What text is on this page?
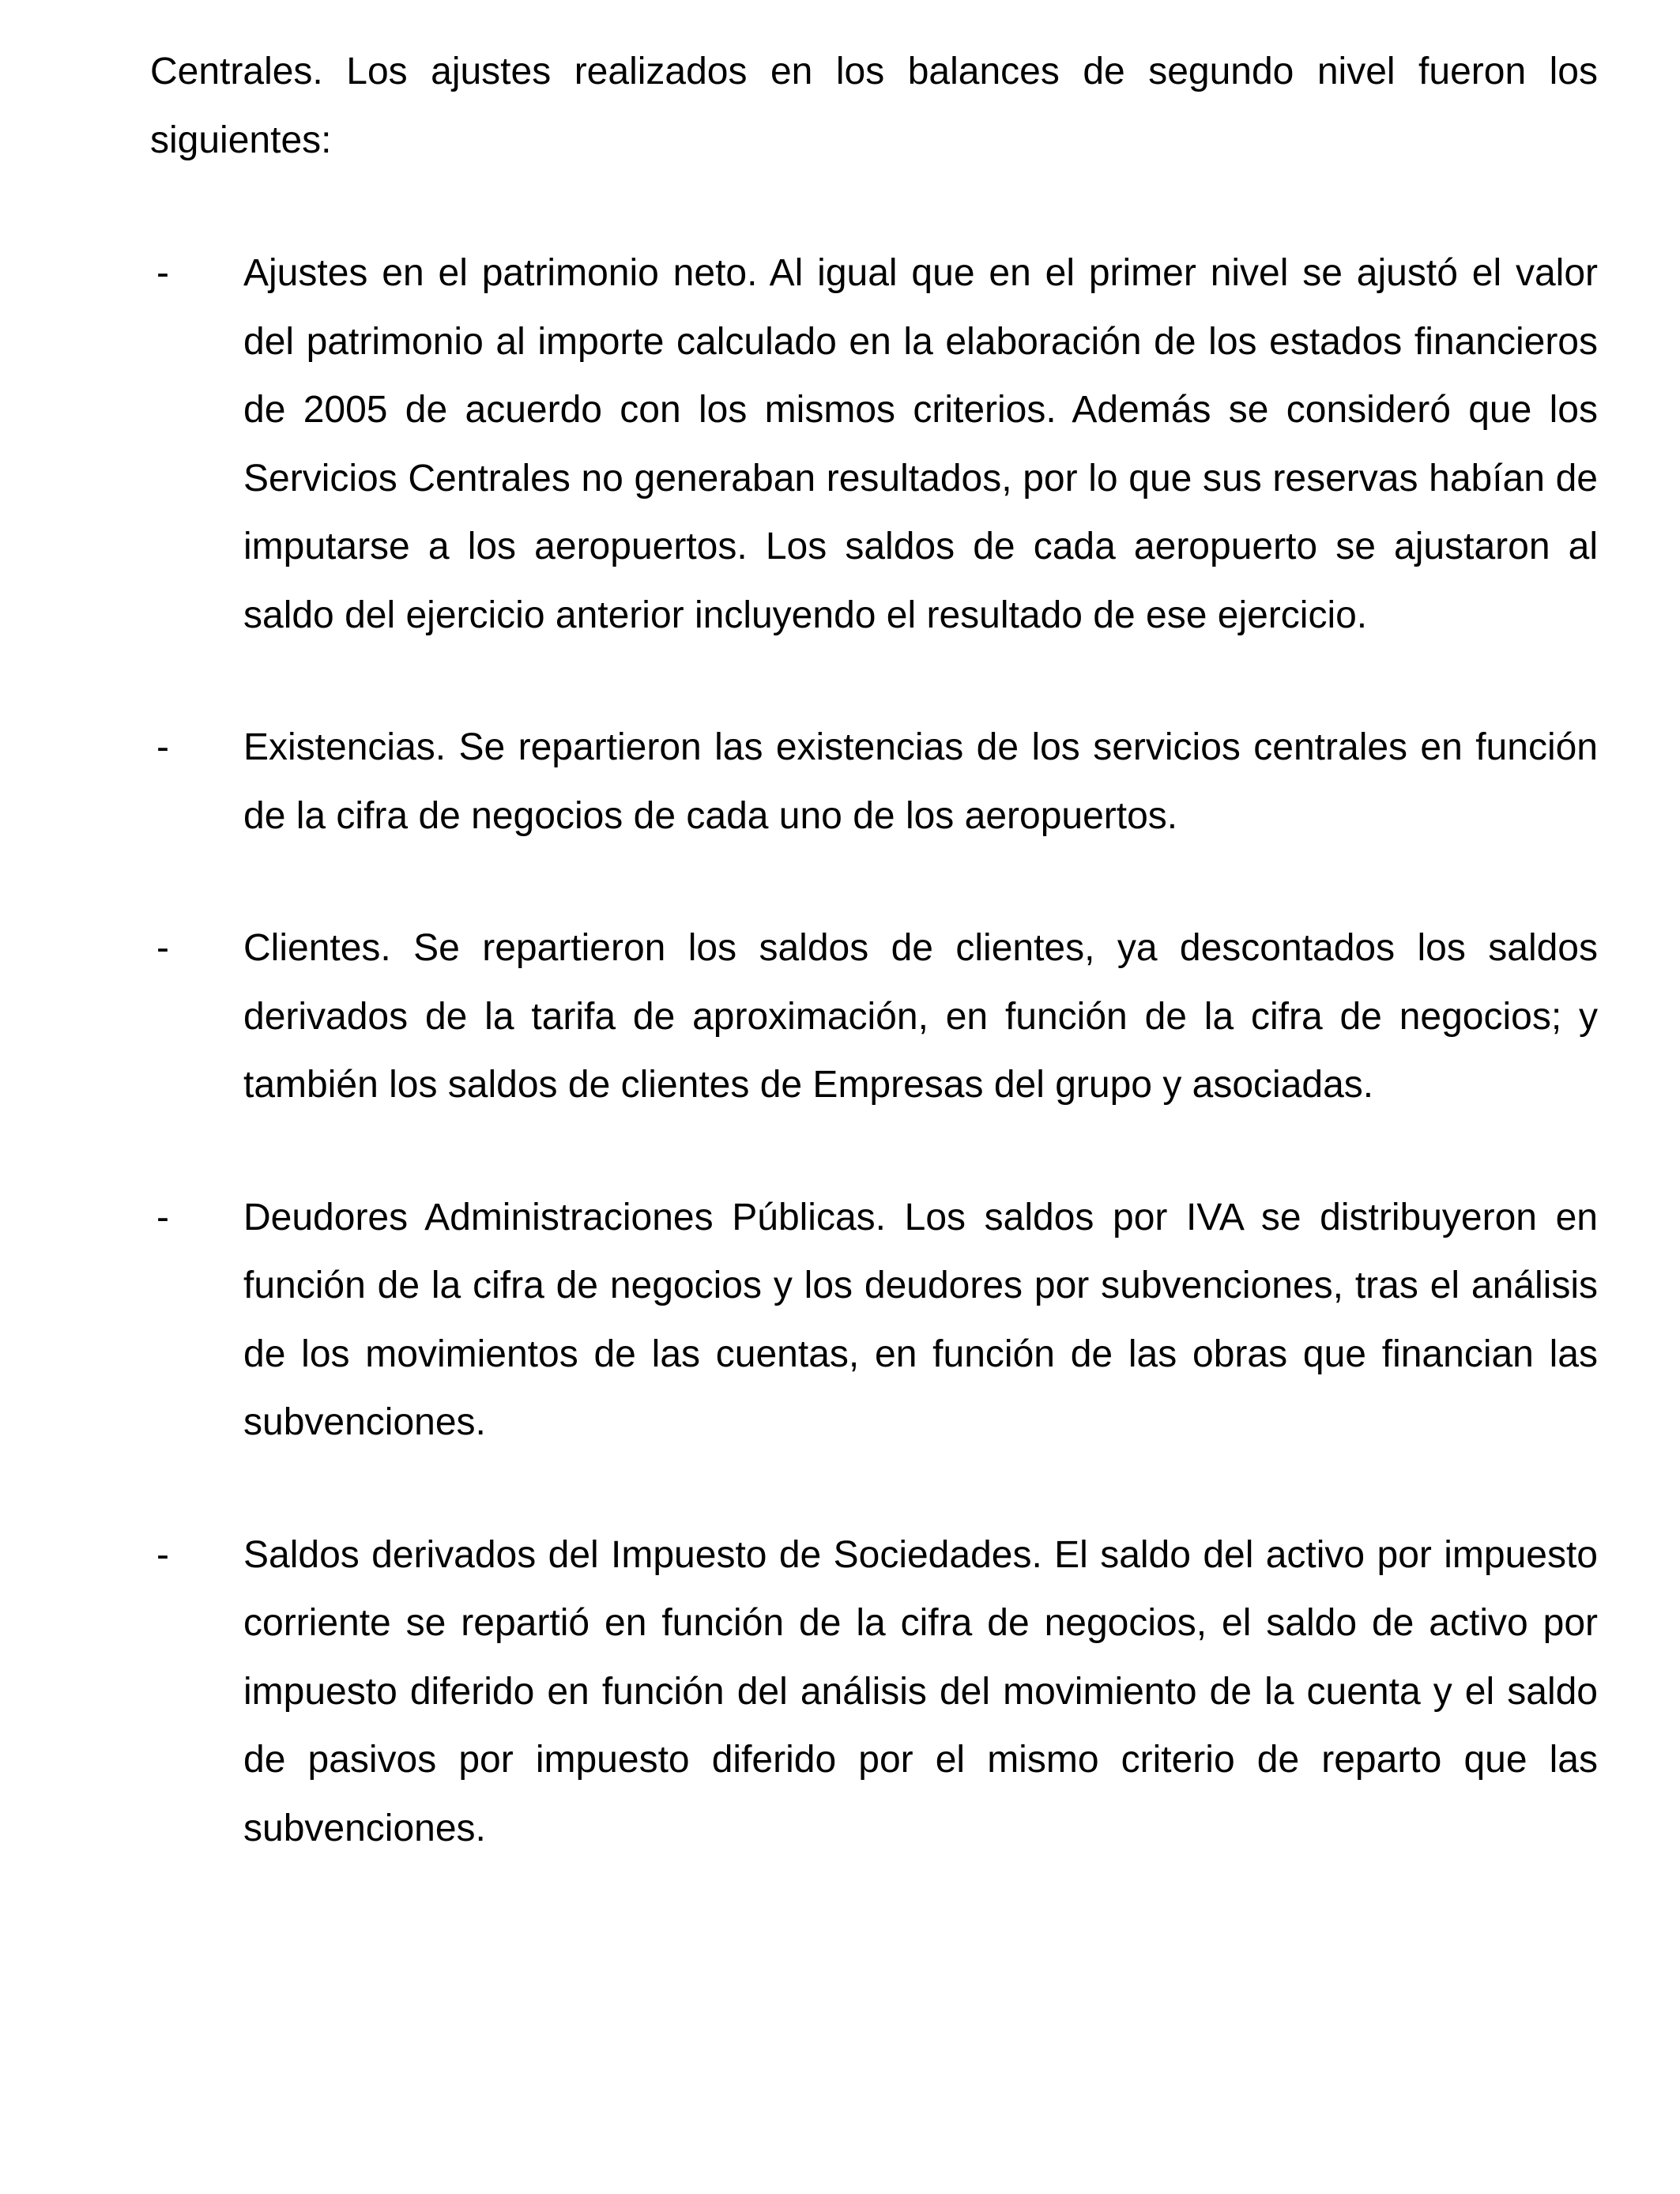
Centrales. Los ajustes realizados en los balances de segundo nivel fueron los siguientes:

- Ajustes en el patrimonio neto. Al igual que en el primer nivel se ajustó el valor del patrimonio al importe calculado en la elaboración de los estados financieros de 2005 de acuerdo con los mismos criterios. Además se consideró que los Servicios Centrales no generaban resultados, por lo que sus reservas habían de imputarse a los aeropuertos. Los saldos de cada aeropuerto se ajustaron al saldo del ejercicio anterior incluyendo el resultado de ese ejercicio.
- Existencias. Se repartieron las existencias de los servicios centrales en función de la cifra de negocios de cada uno de los aeropuertos.
- Clientes. Se repartieron los saldos de clientes, ya descontados los saldos derivados de la tarifa de aproximación, en función de la cifra de negocios; y también los saldos de clientes de Empresas del grupo y asociadas.
- Deudores Administraciones Públicas. Los saldos por IVA se distribuyeron en función de la cifra de negocios y los deudores por subvenciones, tras el análisis de los movimientos de las cuentas, en función de las obras que financian las subvenciones.
- Saldos derivados del Impuesto de Sociedades. El saldo del activo por impuesto corriente se repartió en función de la cifra de negocios, el saldo de activo por impuesto diferido en función del análisis del movimiento de la cuenta y el saldo de pasivos por impuesto diferido por el mismo criterio de reparto que las subvenciones.
